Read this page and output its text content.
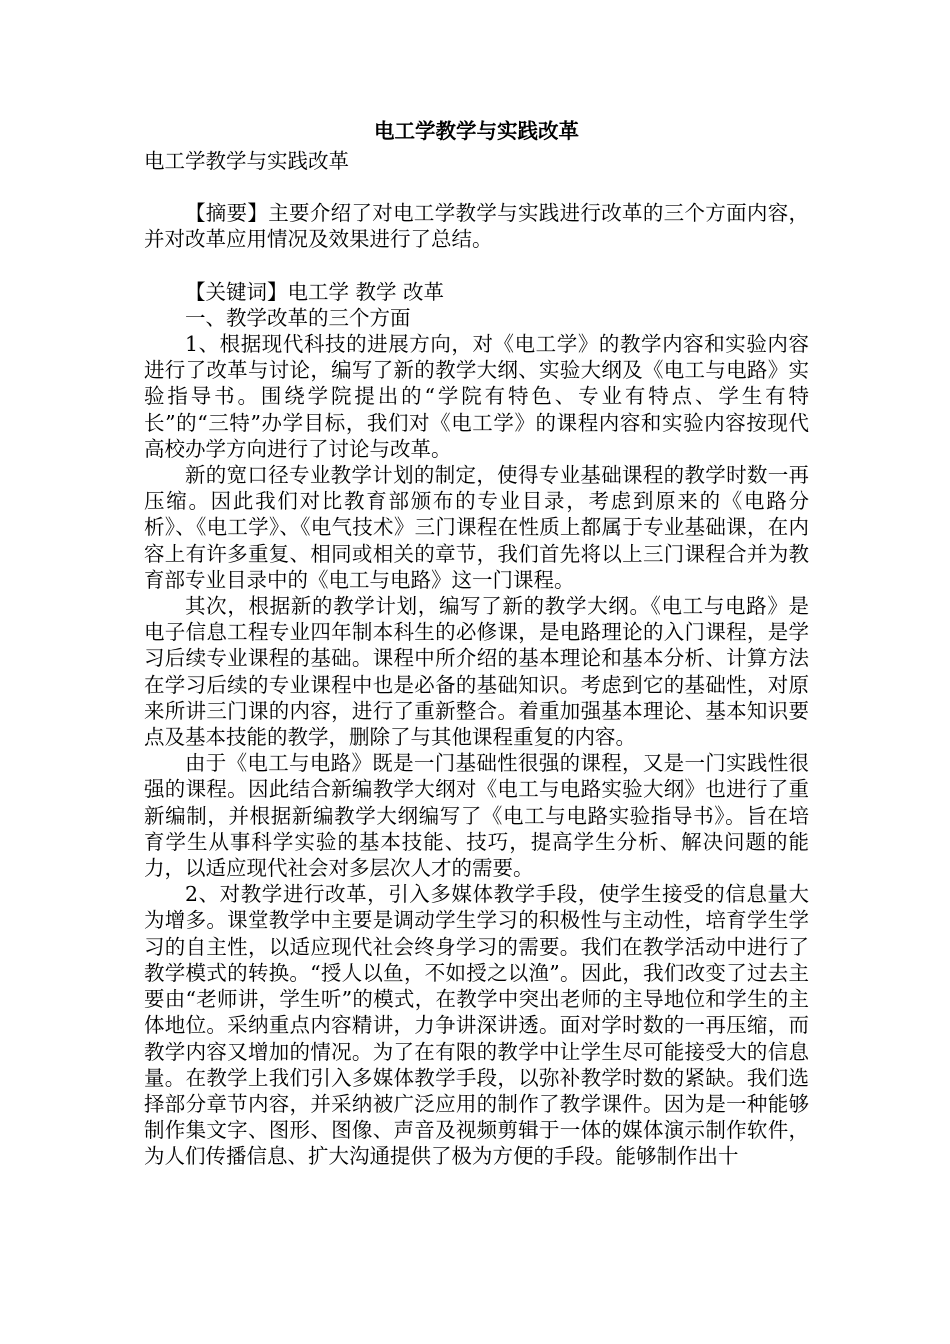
电工学教学与实践改革
电工学教学与实践改革

【摘要】主要介绍了对电工学教学与实践进行改革的三个方面内容，并对改革应用情况及效果进行了总结。

【关键词】电工学 教学 改革

一、教学改革的三个方面

1、根据现代科技的进展方向，对《电工学》的教学内容和实验内容进行了改革与讨论，编写了新的教学大纲、实验大纲及《电工与电路》实验指导书。围绕学院提出的“学院有特色、专业有特点、学生有特长”的“三特”办学目标，我们对《电工学》的课程内容和实验内容按现代高校办学方向进行了讨论与改革。

新的宽口径专业教学计划的制定，使得专业基础课程的教学时数一再压缩。因此我们对比教育部颁布的专业目录，考虑到原来的《电路分析》、《电工学》、《电气技术》三门课程在性质上都属于专业基础课，在内容上有许多重复、相同或相关的章节，我们首先将以上三门课程合并为教育部专业目录中的《电工与电路》这一门课程。

其次，根据新的教学计划，编写了新的教学大纲。《电工与电路》是电子信息工程专业四年制本科生的必修课，是电路理论的入门课程，是学习后续专业课程的基础。课程中所介绍的基本理论和基本分析、计算方法在学习后续的专业课程中也是必备的基础知识。考虑到它的基础性，对原来所讲三门课的内容，进行了重新整合。着重加强基本理论、基本知识要点及基本技能的教学，删除了与其他课程重复的内容。

由于《电工与电路》既是一门基础性很强的课程，又是一门实践性很强的课程。因此结合新编教学大纲对《电工与电路实验大纲》也进行了重新编制，并根据新编教学大纲编写了《电工与电路实验指导书》。旨在培育学生从事科学实验的基本技能、技巧，提高学生分析、解决问题的能力，以适应现代社会对多层次人才的需要。

2、对教学进行改革，引入多媒体教学手段，使学生接受的信息量大为增多。课堂教学中主要是调动学生学习的积极性与主动性，培育学生学习的自主性，以适应现代社会终身学习的需要。我们在教学活动中进行了教学模式的转换。“授人以鱼，不如授之以渔”。因此，我们改变了过去主要由“老师讲，学生听”的模式，在教学中突出老师的主导地位和学生的主体地位。采纳重点内容精讲，力争讲深讲透。面对学时数的一再压缩，而教学内容又增加的情况。为了在有限的教学中让学生尽可能接受大的信息量。在教学上我们引入多媒体教学手段，以弥补教学时数的紧缺。我们选择部分章节内容，并采纳被广泛应用的制作了教学课件。因为是一种能够制作集文字、图形、图像、声音及视频剪辑于一体的媒体演示制作软件，为人们传播信息、扩大沟通提供了极为方便的手段。能够制作出十
